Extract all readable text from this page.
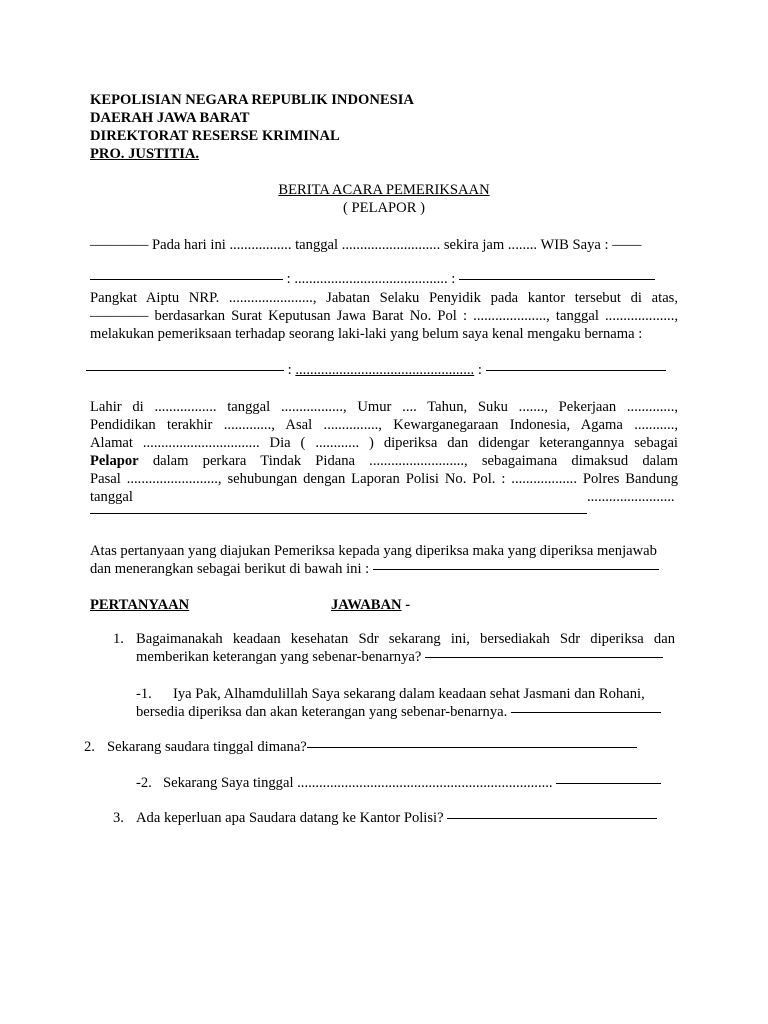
KEPOLISIAN NEGARA REPUBLIK INDONESIA
DAERAH JAWA BARAT
DIREKTORAT RESERSE KRIMINAL
PRO. JUSTITIA.
BERITA ACARA PEMERIKSAAN
( PELAPOR )
———— Pada hari ini ................. tanggal ........................... sekira jam ........ WIB Saya : ——
: .......................................... :
Pangkat Aiptu NRP. ......................., Jabatan Selaku Penyidik pada kantor tersebut di atas,
———— berdasarkan Surat Keputusan Jawa Barat No. Pol : ...................., tanggal ...................,
melakukan pemeriksaan terhadap seorang laki-laki yang belum saya kenal mengaku bernama :
: ................................................. :
Lahir di ................. tanggal ................., Umur .... Tahun, Suku ......., Pekerjaan .............,
Pendidikan terakhir ............., Asal ..............., Kewarganegaraan Indonesia, Agama ...........,
Alamat ................................ Dia ( ............ ) diperiksa dan didengar keterangannya sebagai
Pelapor dalam perkara Tindak Pidana .........................., sebagaimana dimaksud dalam
Pasal ........................., sehubungan dengan Laporan Polisi No. Pol. : .................. Polres Bandung
tanggal	........................
Atas pertanyaan yang diajukan Pemeriksa kepada yang diperiksa maka yang diperiksa menjawab
dan menerangkan sebagai berikut di bawah ini :
PERTANYAAN	JAWABAN -
1. Bagaimanakah keadaan kesehatan Sdr sekarang ini, bersediakah Sdr diperiksa dan
memberikan keterangan yang sebenar-benarnya?
-1. Iya Pak, Alhamdulillah Saya sekarang dalam keadaan sehat Jasmani dan Rohani,
bersedia diperiksa dan akan keterangan yang sebenar-benarnya.
2. Sekarang saudara tinggal dimana?
-2. Sekarang Saya tinggal ......................................................................
3. Ada keperluan apa Saudara datang ke Kantor Polisi?
